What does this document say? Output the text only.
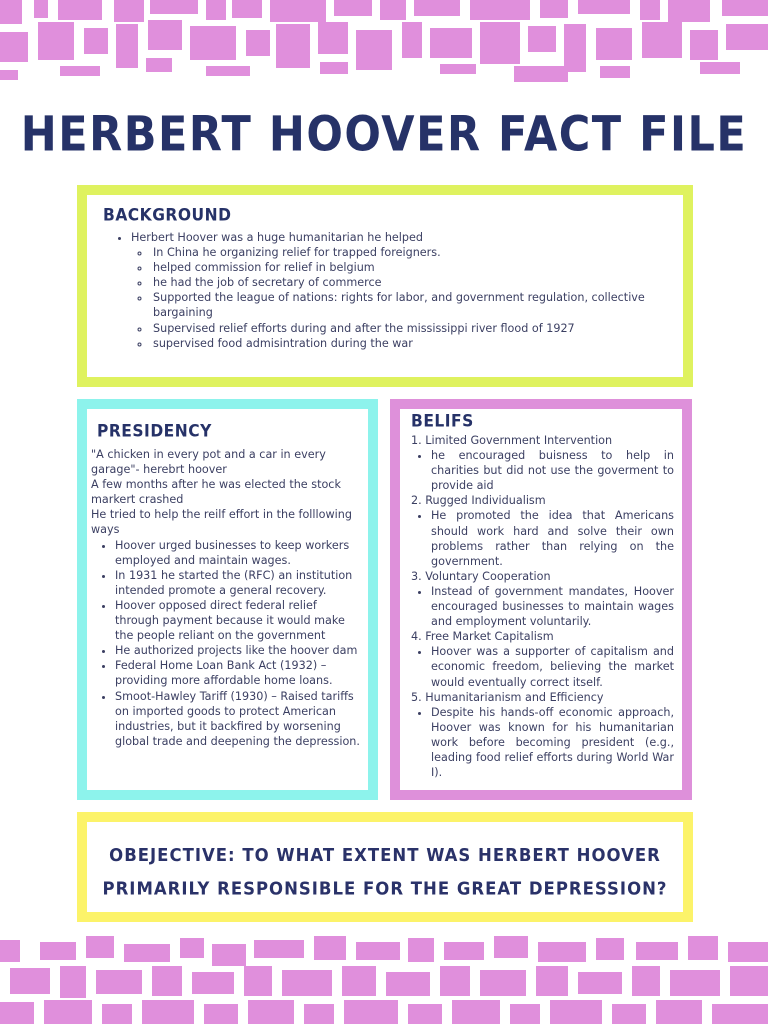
HERBERT HOOVER FACT FILE
BACKGROUND
• Herbert Hoover was a huge humanitarian he helped
◦ In China he organizing relief for trapped foreigners.
◦ helped commission for relief in belgium
◦ he had the job of secretary of commerce
◦ Supported the league of nations: rights for labor, and government regulation, collective bargaining
◦ Supervised relief efforts during and after the mississippi river flood of 1927
◦ supervised food admisintration during the war
PRESIDENCY
"A chicken in every pot and a car in every garage"- herebrt hoover
A few months after he was elected the stock markert crashed
He tried to help the reilf effort in the folllowing ways
• Hoover urged businesses to keep workers employed and maintain wages.
• In 1931 he started the (RFC) an institution intended promote a general recovery.
• Hoover opposed direct federal relief through payment because it would make the people reliant on the government
• He authorized projects like the hoover dam
• Federal Home Loan Bank Act (1932) – providing more affordable home loans.
• Smoot-Hawley Tariff (1930) – Raised tariffs on imported goods to protect American industries, but it backfired by worsening global trade and deepening the depression.
BELIFS
1. Limited Government Intervention
• he encouraged buisness to help in charities but did not use the goverment to provide aid
2. Rugged Individualism
• He promoted the idea that Americans should work hard and solve their own problems rather than relying on the government.
3. Voluntary Cooperation
• Instead of government mandates, Hoover encouraged businesses to maintain wages and employment voluntarily.
4. Free Market Capitalism
• Hoover was a supporter of capitalism and economic freedom, believing the market would eventually correct itself.
5. Humanitarianism and Efficiency
• Despite his hands-off economic approach, Hoover was known for his humanitarian work before becoming president (e.g., leading food relief efforts during World War I).

OBEJECTIVE: TO WHAT EXTENT WAS HERBERT HOOVER
PRIMARILY RESPONSIBLE FOR THE GREAT DEPRESSION?
